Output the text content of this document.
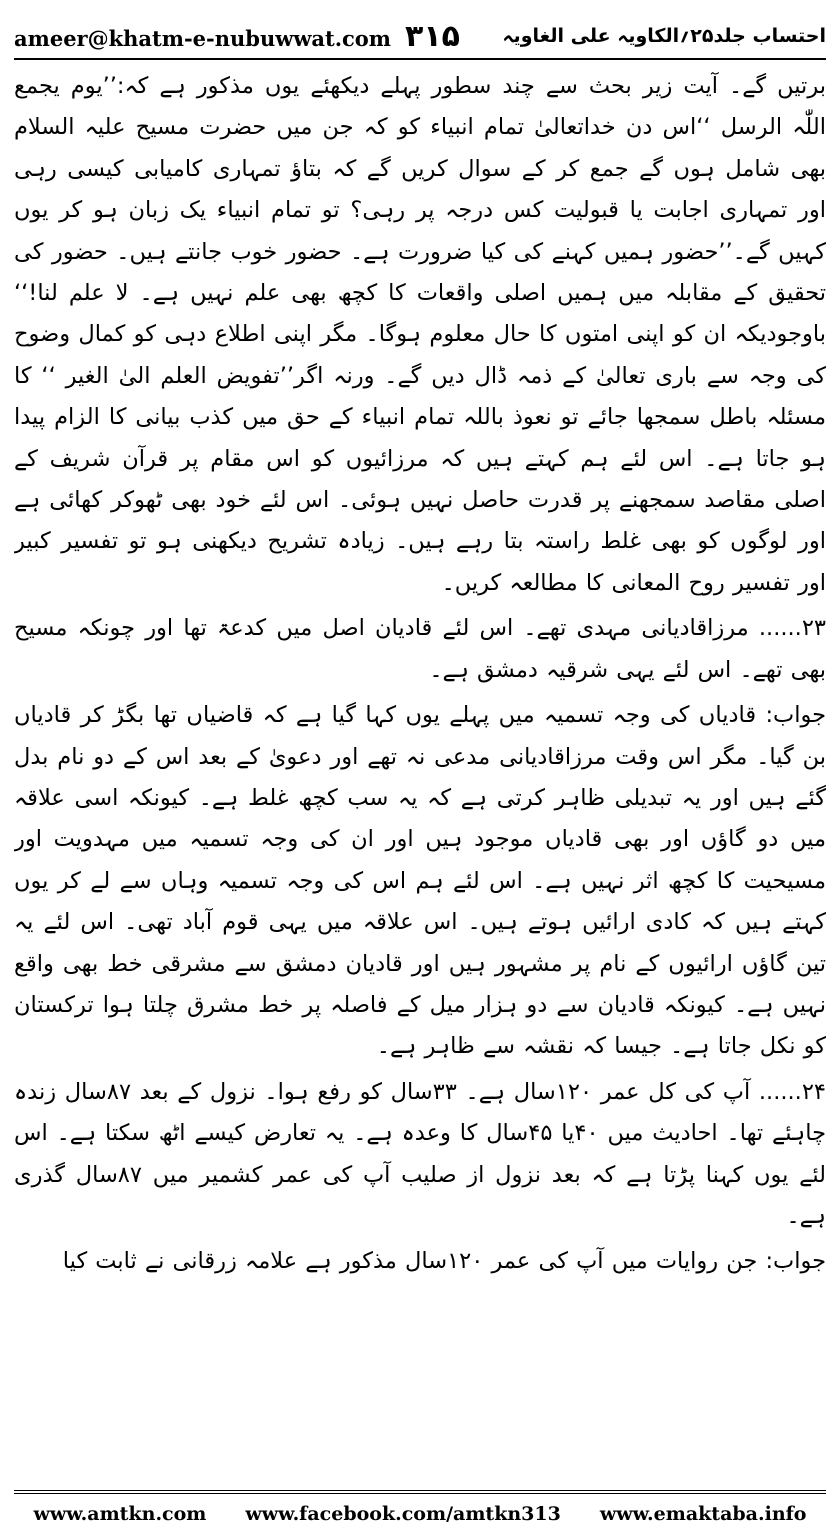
ameer@khatm-e-nubuwwat.com ۳۱۵ احتساب جلد۲۵؍الکاویہ علی الغاویہ

برتیں گے۔ آیت زیر بحث سے چند سطور پہلے دیکھئے یوں مذکور ہے کہ:’’یوم یجمع اللّٰہ الرسل ‘‘اس دن خداتعالیٰ تمام انبیاء کو کہ جن میں حضرت مسیح علیہ السلام بھی شامل ہوں گے جمع کر کے سوال کریں گے کہ بتاؤ تمہاری کامیابی کیسی رہی اور تمہاری اجابت یا قبولیت کس درجہ پر رہی؟ تو تمام انبیاء یک زبان ہو کر یوں کہیں گے۔’’حضور ہمیں کہنے کی کیا ضرورت ہے۔ حضور خوب جانتے ہیں۔ حضور کی تحقیق کے مقابلہ میں ہمیں اصلی واقعات کا کچھ بھی علم نہیں ہے۔ لا علم لنا!‘‘ باوجودیکہ ان کو اپنی امتوں کا حال معلوم ہوگا۔ مگر اپنی اطلاع دہی کو کمال وضوح کی وجہ سے باری تعالیٰ کے ذمہ ڈال دیں گے۔ ورنہ اگر’’تفویض العلم الیٰ الغیر ‘‘ کا مسئلہ باطل سمجھا جائے تو نعوذ باللہ تمام انبیاء کے حق میں کذب بیانی کا الزام پیدا ہو جاتا ہے۔ اس لئے ہم کہتے ہیں کہ مرزائیوں کو اس مقام پر قرآن شریف کے اصلی مقاصد سمجھنے پر قدرت حاصل نہیں ہوئی۔ اس لئے خود بھی ٹھوکر کھائی ہے اور لوگوں کو بھی غلط راستہ بتا رہے ہیں۔ زیادہ تشریح دیکھنی ہو تو تفسیر کبیر اور تفسیر روح المعانی کا مطالعہ کریں۔

۲۳...... مرزاقادیانی مہدی تھے۔ اس لئے قادیان اصل میں کدعۃ تھا اور چونکہ مسیح بھی تھے۔ اس لئے یہی شرقیہ دمشق ہے۔

جواب: قادیاں کی وجہ تسمیہ میں پہلے یوں کہا گیا ہے کہ قاضیاں تھا بگڑ کر قادیاں بن گیا۔ مگر اس وقت مرزاقادیانی مدعی نہ تھے اور دعویٰ کے بعد اس کے دو نام بدل گئے ہیں اور یہ تبدیلی ظاہر کرتی ہے کہ یہ سب کچھ غلط ہے۔ کیونکہ اسی علاقہ میں دو گاؤں اور بھی قادیاں موجود ہیں اور ان کی وجہ تسمیہ میں مہدویت اور مسیحیت کا کچھ اثر نہیں ہے۔ اس لئے ہم اس کی وجہ تسمیہ وہاں سے لے کر یوں کہتے ہیں کہ کادی ارائیں ہوتے ہیں۔ اس علاقہ میں یہی قوم آباد تھی۔ اس لئے یہ تین گاؤں ارائیوں کے نام پر مشہور ہیں اور قادیان دمشق سے مشرقی خط بھی واقع نہیں ہے۔ کیونکہ قادیان سے دو ہزار میل کے فاصلہ پر خط مشرق چلتا ہوا ترکستان کو نکل جاتا ہے۔ جیسا کہ نقشہ سے ظاہر ہے۔

۲۴...... آپ کی کل عمر ۱۲۰سال ہے۔ ۳۳سال کو رفع ہوا۔ نزول کے بعد ۸۷سال زندہ چاہئے تھا۔ احادیث میں ۴۰یا ۴۵سال کا وعدہ ہے۔ یہ تعارض کیسے اٹھ سکتا ہے۔ اس لئے یوں کہنا پڑتا ہے کہ بعد نزول از صلیب آپ کی عمر کشمیر میں ۸۷سال گذری ہے۔

جواب: جن روایات میں آپ کی عمر ۱۲۰سال مذکور ہے علامہ زرقانی نے ثابت کیا

www.amtkn.com www.facebook.com/amtkn313 www.emaktaba.info
